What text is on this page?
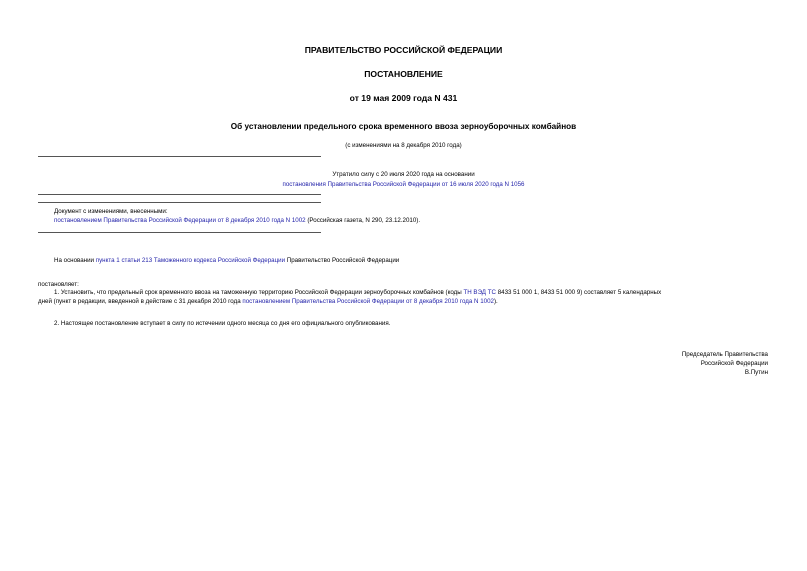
ПРАВИТЕЛЬСТВО РОССИЙСКОЙ ФЕДЕРАЦИИ
ПОСТАНОВЛЕНИЕ
от 19 мая 2009 года N 431
Об установлении предельного срока временного ввоза зерноуборочных комбайнов
(с изменениями на 8 декабря 2010 года)
Утратило силу с 20 июля 2020 года на основании
постановления Правительства Российской Федерации от 16 июля 2020 года N 1056
Документ с изменениями, внесенными:
постановлением Правительства Российской Федерации от 8 декабря 2010 года N 1002 (Российская газета, N 290, 23.12.2010).
На основании пункта 1 статьи 213 Таможенного кодекса Российской Федерации Правительство Российской Федерации
постановляет:
1. Установить, что предельный срок временного ввоза на таможенную территорию Российской Федерации зерноуборочных комбайнов (коды ТН ВЭД ТС 8433 51 000 1, 8433 51 000 9) составляет 5 календарных
дней (пункт в редакции, введенной в действие с 31 декабря 2010 года постановлением Правительства Российской Федерации от 8 декабря 2010 года N 1002).
2. Настоящее постановление вступает в силу по истечении одного месяца со дня его официального опубликования.
Председатель Правительства
Российской Федерации
В.Путин
